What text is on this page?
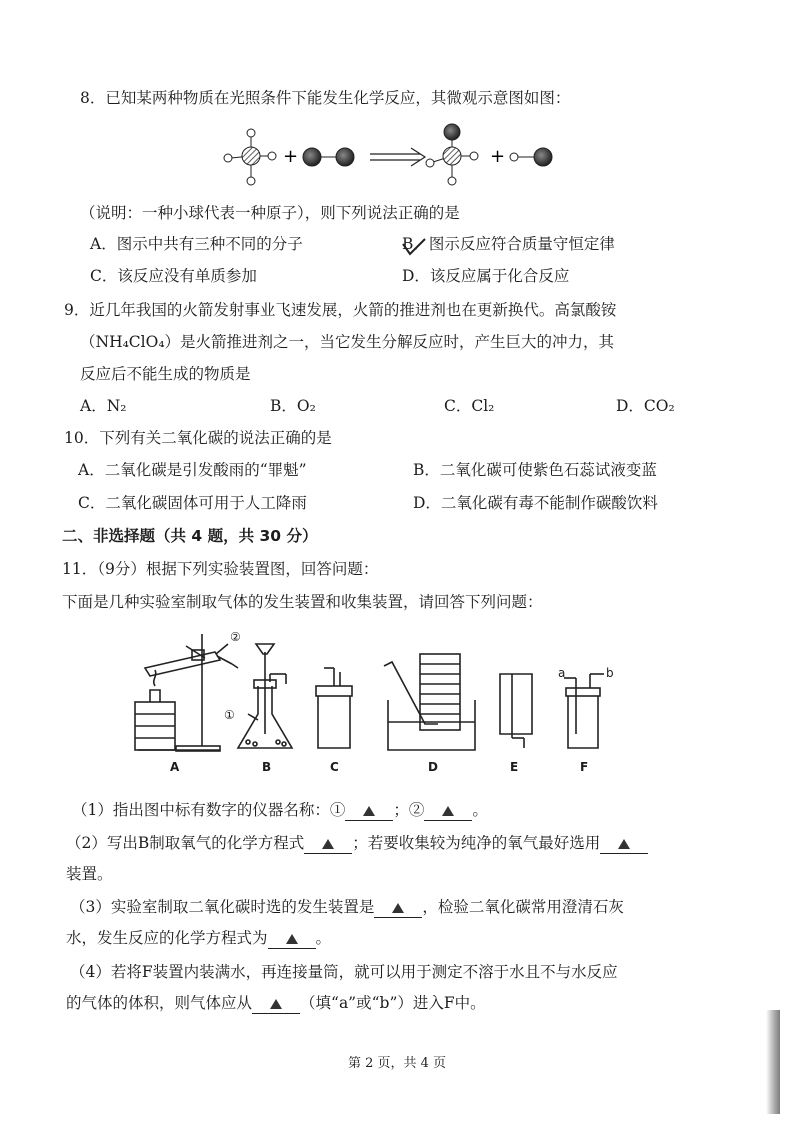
8．已知某两种物质在光照条件下能发生化学反应，其微观示意图如图：
+	+
（说明：一种小球代表一种原子），则下列说法正确的是
A．图示中共有三种不同的分子	B．图示反应符合质量守恒定律
C．该反应没有单质参加	D．该反应属于化合反应
9．近几年我国的火箭发射事业飞速发展，火箭的推进剂也在更新换代。高氯酸铵
（NH₄ClO₄）是火箭推进剂之一，当它发生分解反应时，产生巨大的冲力，其
反应后不能生成的物质是
A．N₂	B．O₂	C．Cl₂	D．CO₂
10．下列有关二氧化碳的说法正确的是
A．二氧化碳是引发酸雨的“罪魁”	B．二氧化碳可使紫色石蕊试液变蓝
C．二氧化碳固体可用于人工降雨	D．二氧化碳有毒不能制作碳酸饮料
二、非选择题（共 4 题，共 30 分）
11．（9分）根据下列实验装置图，回答问题：
下面是几种实验室制取气体的发生装置和收集装置，请回答下列问题：
②
①
a	b
A	B	C	D	E	F
（1）指出图中标有数字的仪器名称：①	；②	。
（2）写出B制取氧气的化学方程式	；若要收集较为纯净的氧气最好选用
装置。
（3）实验室制取二氧化碳时选的发生装置是	，检验二氧化碳常用澄清石灰
水，发生反应的化学方程式为	。
（4）若将F装置内装满水，再连接量筒，就可以用于测定不溶于水且不与水反应
的气体的体积，则气体应从	（填“a”或“b”）进入F中。
第 2 页，共 4 页
